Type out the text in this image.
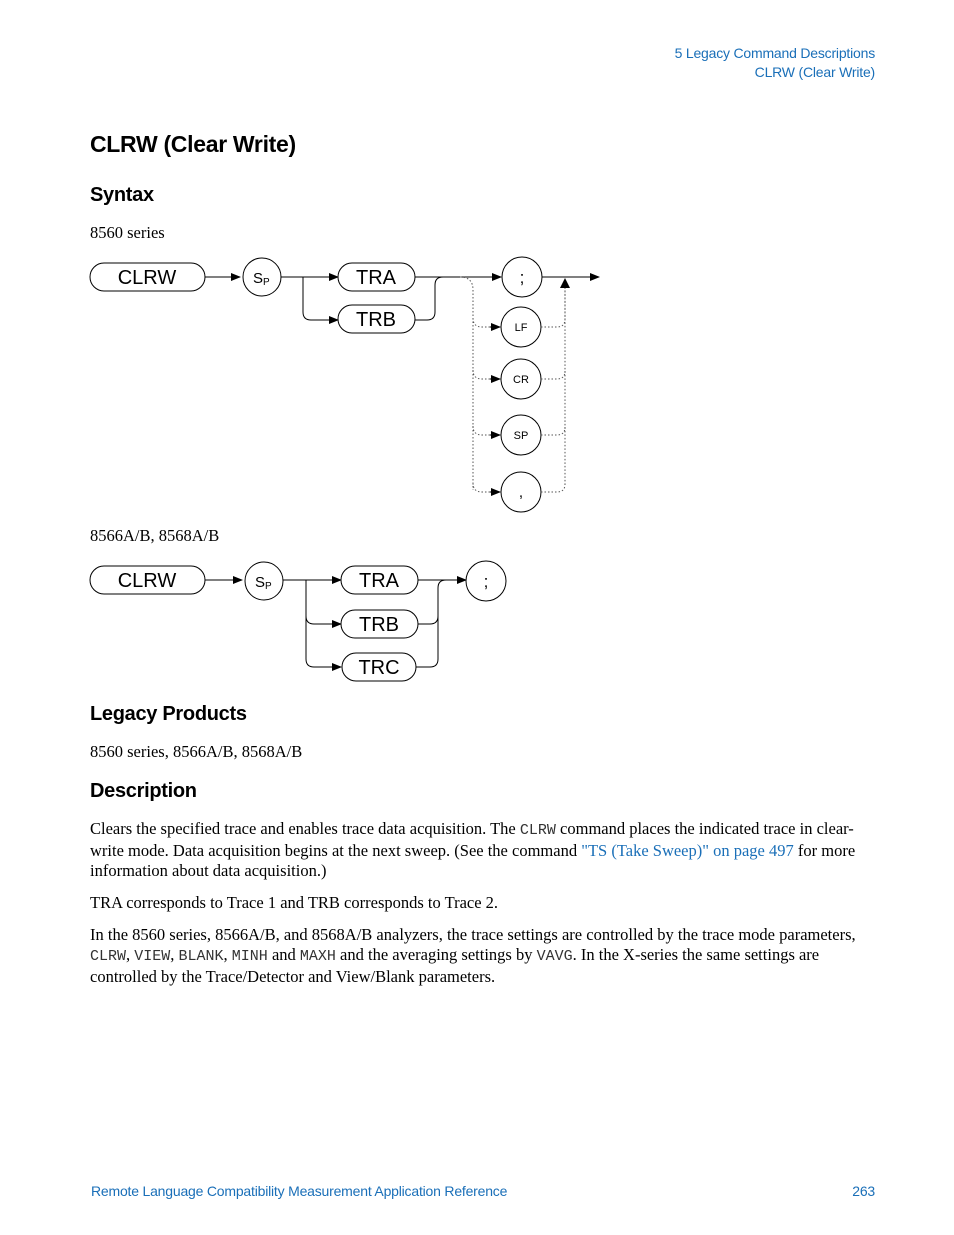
5 Legacy Command Descriptions
CLRW (Clear Write)
CLRW (Clear Write)
Syntax
8560 series
CLRW	SP	TRA
TRB
;
LF
CR
SP
,
8566A/B, 8568A/B
CLRW	SP	TRA
TRB
TRC
;
Legacy Products
8560 series, 8566A/B, 8568A/B
Description

Clears the specified trace and enables trace data acquisition. The CLRW command places the indicated trace in clear-write mode. Data acquisition begins at the next sweep. (See the command "TS (Take Sweep)" on page 497 for more information about data acquisition.)

TRA corresponds to Trace 1 and TRB corresponds to Trace 2.

In the 8560 series, 8566A/B, and 8568A/B analyzers, the trace settings are controlled by the trace mode parameters, CLRW, VIEW, BLANK, MINH and MAXH and the averaging settings by VAVG. In the X-series the same settings are controlled by the Trace/Detector and View/Blank parameters.

Remote Language Compatibility Measurement Application Reference	263
